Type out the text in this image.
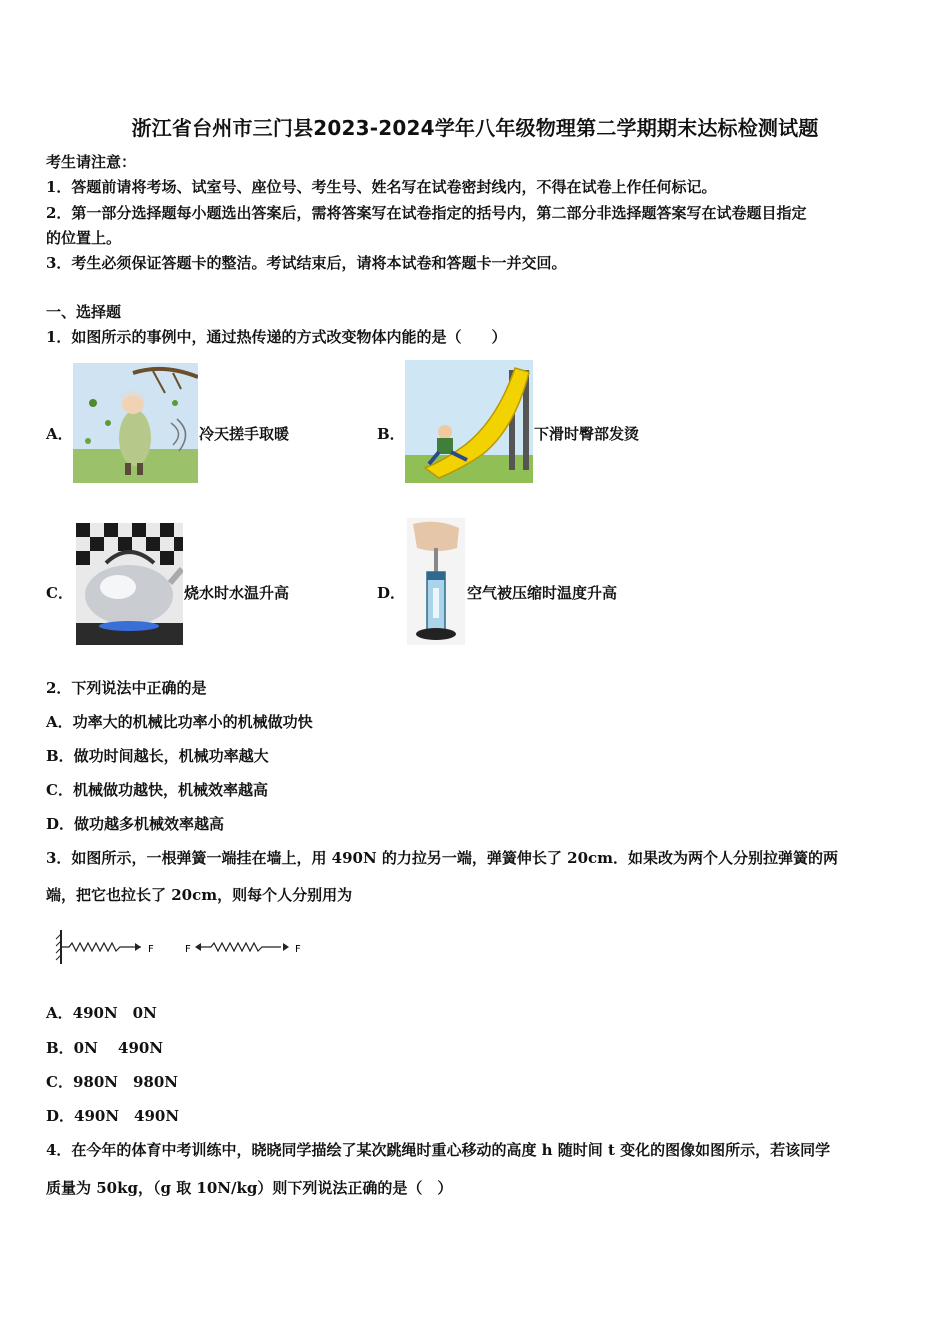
浙江省台州市三门县2023-2024学年八年级物理第二学期期末达标检测试题
考生请注意：
1．答题前请将考场、试室号、座位号、考生号、姓名写在试卷密封线内，不得在试卷上作任何标记。
2．第一部分选择题每小题选出答案后，需将答案写在试卷指定的括号内，第二部分非选择题答案写在试卷题目指定
的位置上。
3．考生必须保证答题卡的整洁。考试结束后，请将本试卷和答题卡一并交回。
一、选择题
1．如图所示的事例中，通过热传递的方式改变物体内能的是（　　）
A．	冷天搓手取暖	B．	下滑时臀部发烫
C．	烧水时水温升高	D．	空气被压缩时温度升高
2．下列说法中正确的是
A．功率大的机械比功率小的机械做功快
B．做功时间越长，机械功率越大
C．机械做功越快，机械效率越高
D．做功越多机械效率越高
3．如图所示，一根弹簧一端挂在墙上，用 490N 的力拉另一端，弹簧伸长了 20cm．如果改为两个人分别拉弹簧的两
端，把它也拉长了 20cm，则每个人分别用为
F	F	F
A．490N　0N
B．0N　 490N
C．980N　980N
D．490N　490N
4．在今年的体育中考训练中，晓晓同学描绘了某次跳绳时重心移动的高度 h 随时间 t 变化的图像如图所示，若该同学
质量为 50kg，（g 取 10N/kg）则下列说法正确的是（　）
